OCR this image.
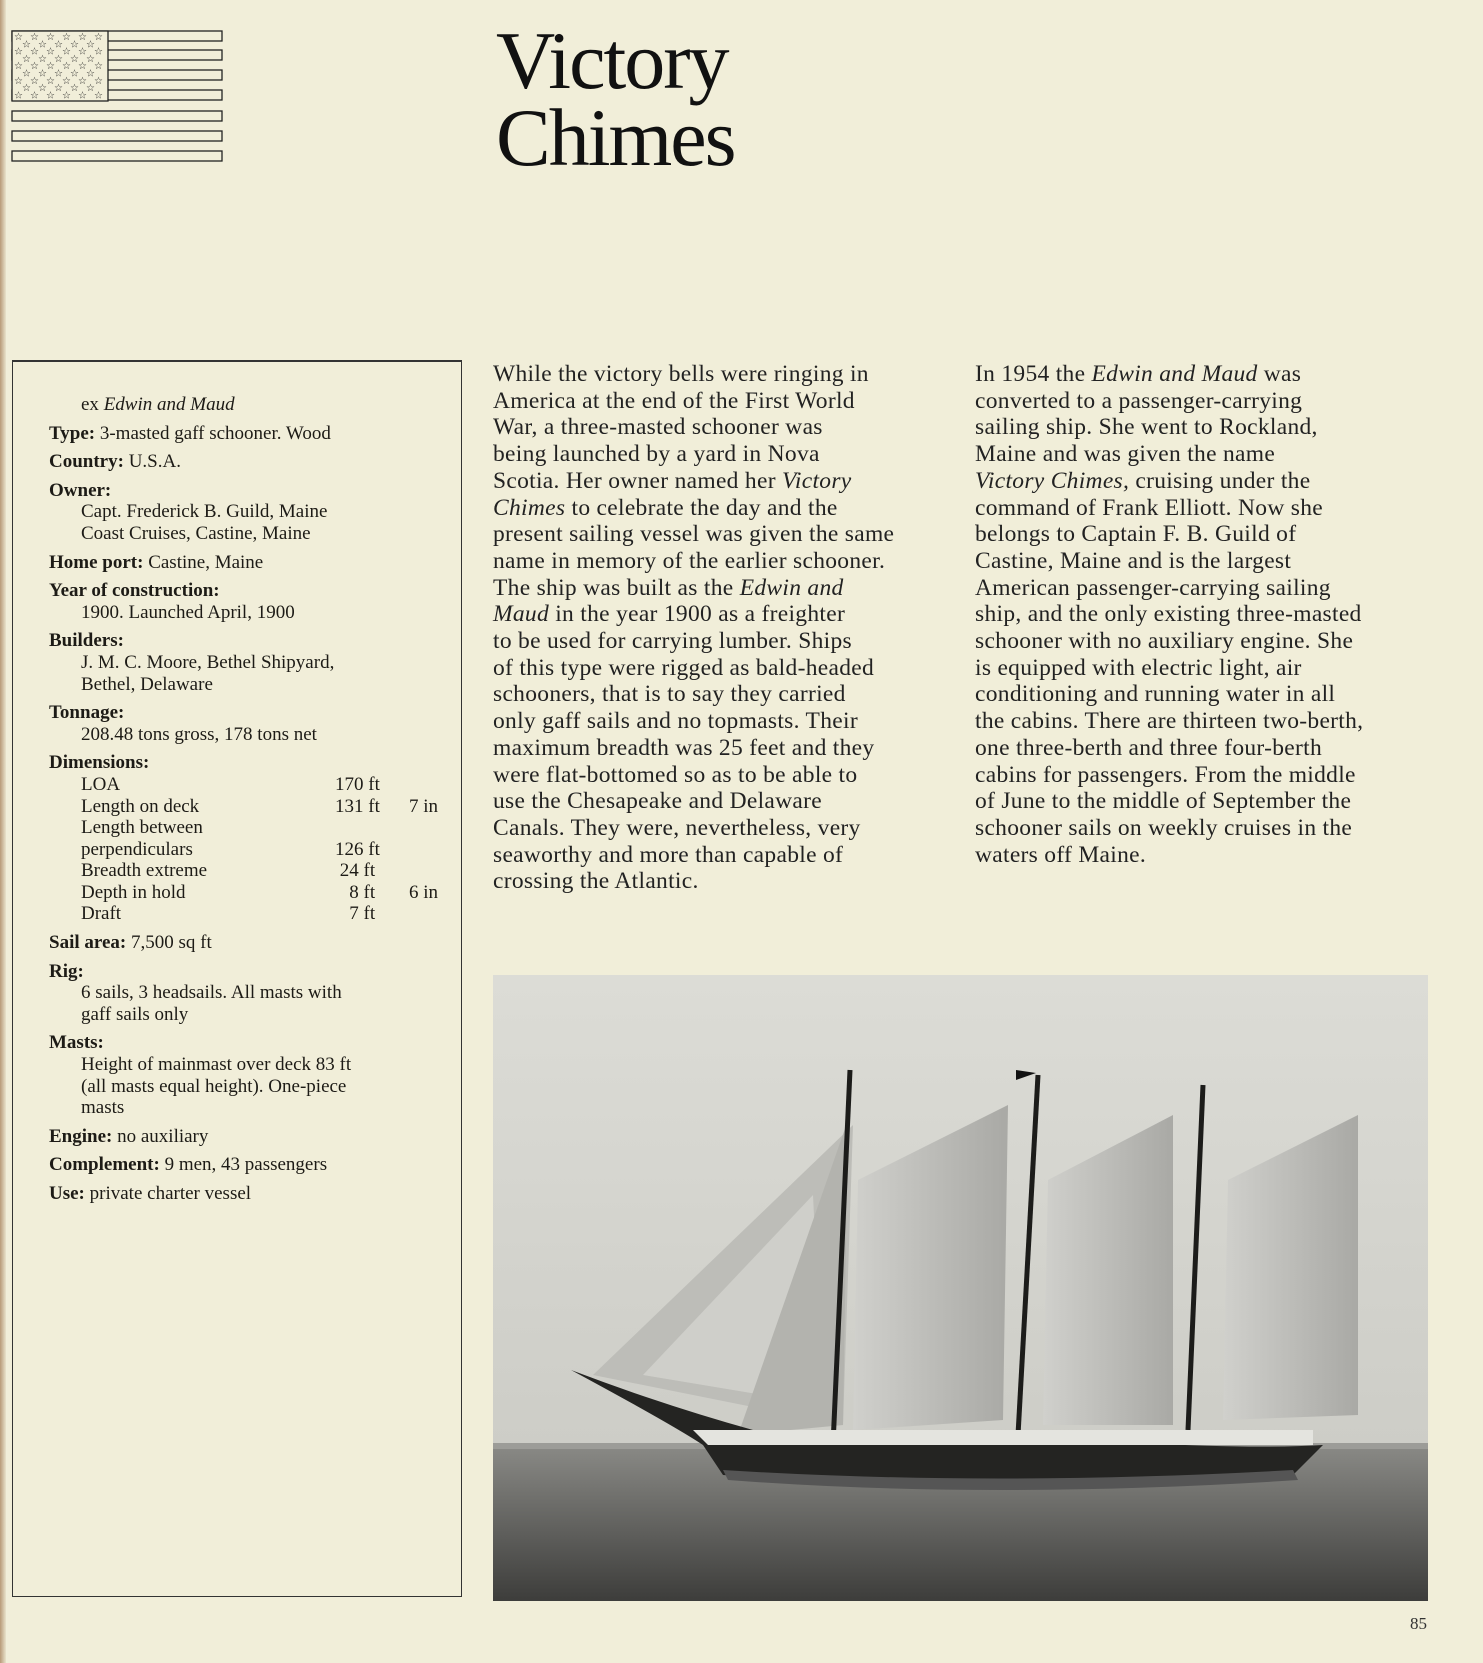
☆ ☆ ☆ ☆ ☆ ☆
☆ ☆ ☆ ☆ ☆
☆ ☆ ☆ ☆ ☆ ☆
☆ ☆ ☆ ☆ ☆
☆ ☆ ☆ ☆ ☆ ☆
☆ ☆ ☆ ☆ ☆
☆ ☆ ☆ ☆ ☆ ☆
☆ ☆ ☆ ☆ ☆
☆ ☆ ☆ ☆ ☆ ☆	Victory
Chimes
ex Edwin and Maud
Type: 3-masted gaff schooner. Wood
Country: U.S.A.
Owner:
Capt. Frederick B. Guild, Maine
Coast Cruises, Castine, Maine
Home port: Castine, Maine
Year of construction:
1900. Launched April, 1900
Builders:
J. M. C. Moore, Bethel Shipyard,
Bethel, Delaware
Tonnage:
208.48 tons gross, 178 tons net
Dimensions:
LOA	170 ft
Length on deck	131 ft 7 in
Length between
perpendiculars	126 ft
Breadth extreme	24 ft
Depth in hold	8 ft 6 in
Draft	7 ft
Sail area: 7,500 sq ft
Rig:
6 sails, 3 headsails. All masts with
gaff sails only
Masts:
Height of mainmast over deck 83 ft
(all masts equal height). One-piece
masts
Engine: no auxiliary
Complement: 9 men, 43 passengers
Use: private charter vessel
While the victory bells were ringing in
America at the end of the First World
War, a three-masted schooner was
being launched by a yard in Nova
Scotia. Her owner named her Victory
Chimes to celebrate the day and the
present sailing vessel was given the same
name in memory of the earlier schooner.
The ship was built as the Edwin and
Maud in the year 1900 as a freighter
to be used for carrying lumber. Ships
of this type were rigged as bald-headed
schooners, that is to say they carried
only gaff sails and no topmasts. Their
maximum breadth was 25 feet and they
were flat-bottomed so as to be able to
use the Chesapeake and Delaware
Canals. They were, nevertheless, very
seaworthy and more than capable of
crossing the Atlantic.
In 1954 the Edwin and Maud was
converted to a passenger-carrying
sailing ship. She went to Rockland,
Maine and was given the name
Victory Chimes, cruising under the
command of Frank Elliott. Now she
belongs to Captain F. B. Guild of
Castine, Maine and is the largest
American passenger-carrying sailing
ship, and the only existing three-masted
schooner with no auxiliary engine. She
is equipped with electric light, air
conditioning and running water in all
the cabins. There are thirteen two-berth,
one three-berth and three four-berth
cabins for passengers. From the middle
of June to the middle of September the
schooner sails on weekly cruises in the
waters off Maine.
85
